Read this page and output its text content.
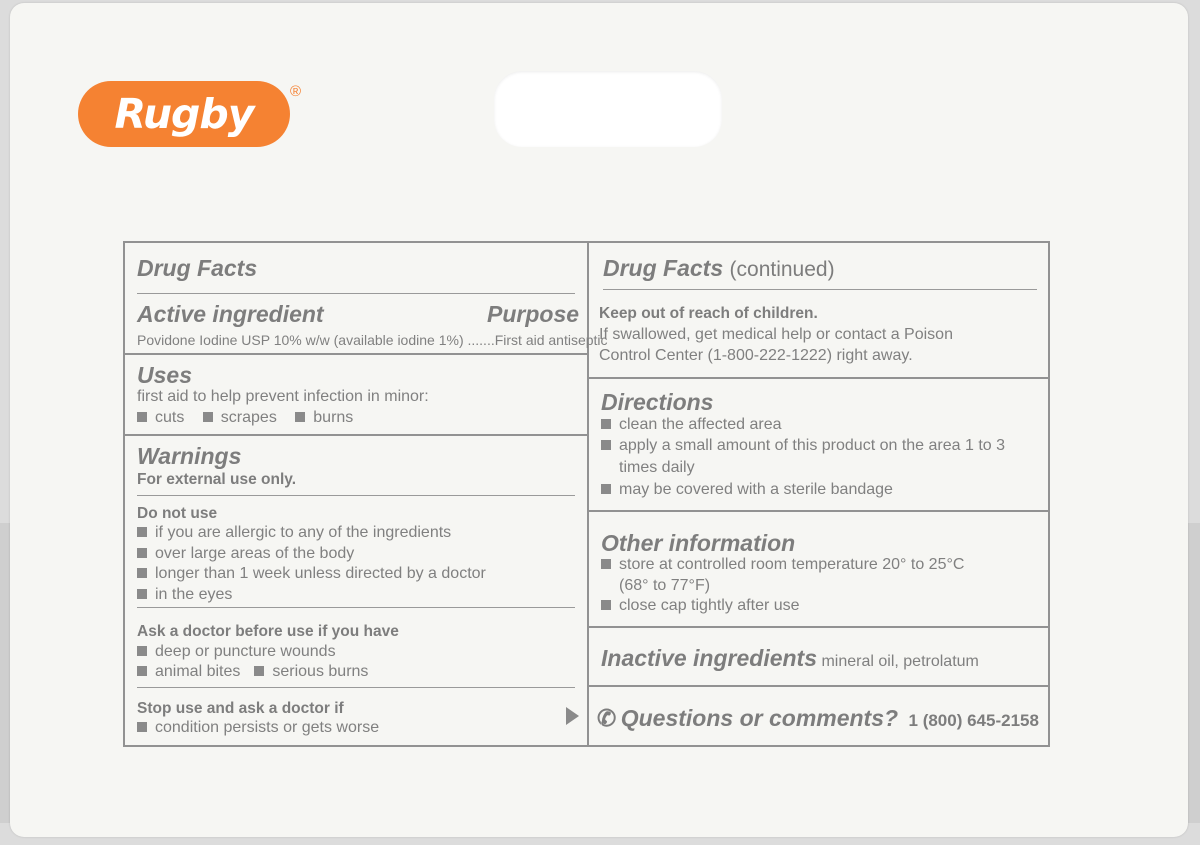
Rugby ®
Drug Facts
Active ingredient	Purpose
Povidone Iodine USP 10% w/w (available iodine 1%) .......First aid antiseptic
Uses
first aid to help prevent infection in minor:
cuts scrapes burns
Warnings
For external use only.
Do not use
if you are allergic to any of the ingredients
over large areas of the body
longer than 1 week unless directed by a doctor
in the eyes
Ask a doctor before use if you have
deep or puncture wounds
animal bites serious burns
Stop use and ask a doctor if
condition persists or gets worse
Drug Facts (continued)
Keep out of reach of children.
If swallowed, get medical help or contact a Poison
Control Center (1-800-222-1222) right away.
Directions
clean the affected area
apply a small amount of this product on the area 1 to 3
times daily
may be covered with a sterile bandage
Other information
store at controlled room temperature 20° to 25°C
(68° to 77°F)
close cap tightly after use
Inactive ingredients mineral oil, petrolatum
✆ Questions or comments? 1 (800) 645-2158
